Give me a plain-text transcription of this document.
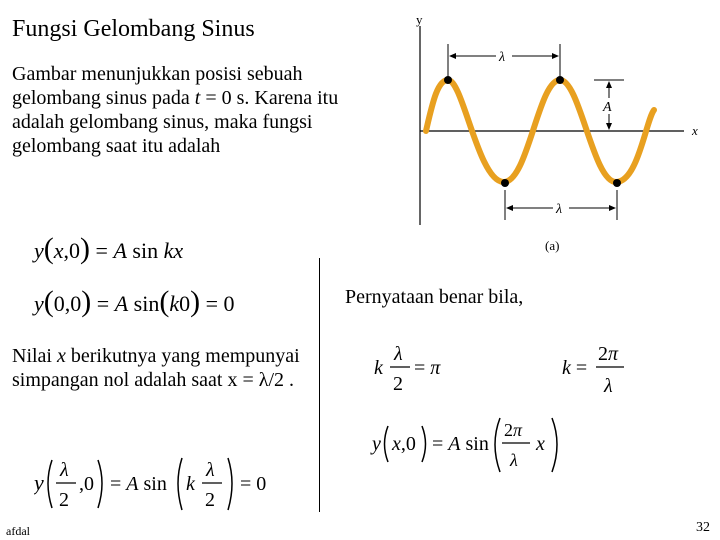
Fungsi Gelombang Sinus
Gambar menunjukkan posisi sebuah gelombang sinus pada t = 0 s. Karena itu adalah gelombang sinus, maka fungsi gelombang saat itu adalah
y
x
λ
λ
A
(a)
y(x,0) = A sin kx
y(0,0) = A sin(k0) = 0	Pernyataan benar bila,
Nilai x berikutnya yang mempunyai simpangan nol adalah saat x = λ/2 .
y λ
2
,0 = A sin k
λ
2
= 0
k
λ
2
= π	k =
2π
λ
y x,0 = A sin
2π
λ
x
afdal	32
